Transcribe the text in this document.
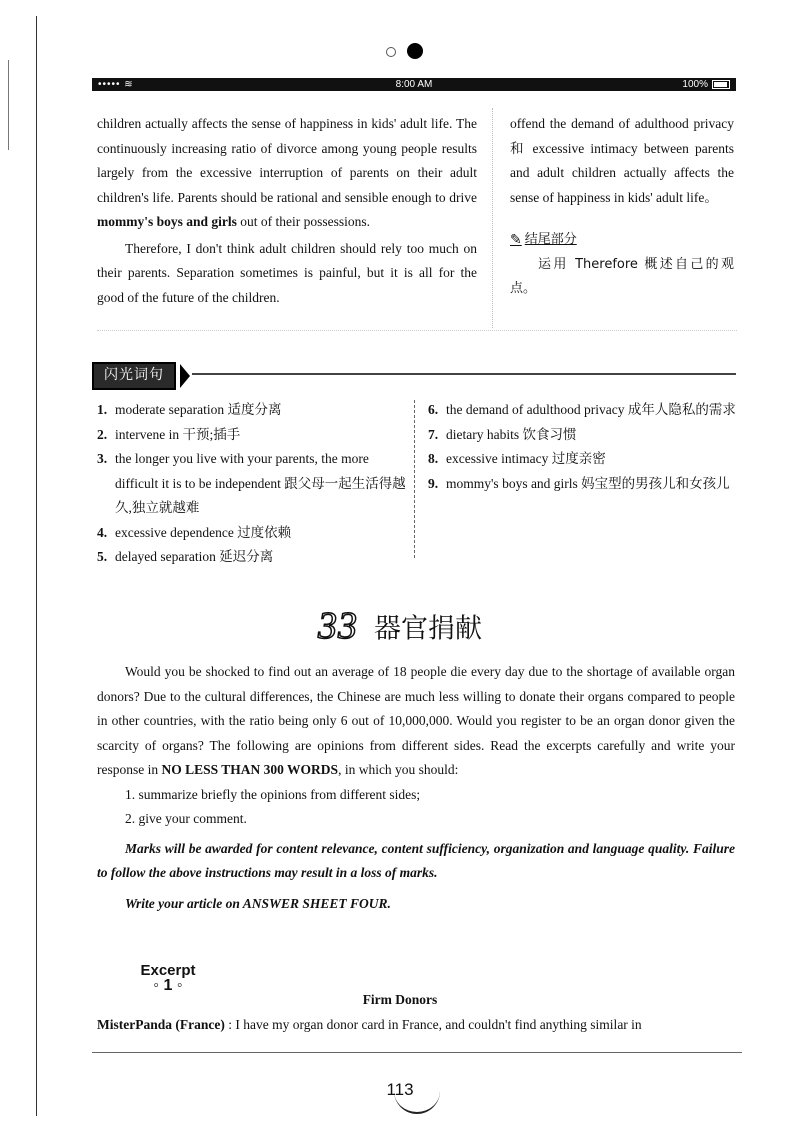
••••• ≋	8:00 AM	100%

children actually affects the sense of happiness in kids' adult life. The continuously increasing ratio of divorce among young people results largely from the excessive interruption of parents on their adult children's life. Parents should be rational and sensible enough to drive mommy's boys and girls out of their possessions.

Therefore, I don't think adult children should rely too much on their parents. Separation sometimes is painful, but it is all for the good of the future of the children.

offend the demand of adulthood privacy 和 excessive intimacy between parents and adult children actually affects the sense of happiness in kids' adult life。

✎ 结尾部分

运用 Therefore 概述自己的观点。

闪光词句
1. moderate separation 适度分离
2. intervene in 干预;插手
3. the longer you live with your parents, the more difficult it is to be independent 跟父母一起生活得越久,独立就越难
4. excessive dependence 过度依赖
5. delayed separation 延迟分离
6. the demand of adulthood privacy 成年人隐私的需求
7. dietary habits 饮食习惯
8. excessive intimacy 过度亲密
9. mommy's boys and girls 妈宝型的男孩儿和女孩儿
33 器官捐献

Would you be shocked to find out an average of 18 people die every day due to the shortage of available organ donors? Due to the cultural differences, the Chinese are much less willing to donate their organs compared to people in other countries, with the ratio being only 6 out of 10,000,000. Would you register to be an organ donor given the scarcity of organs? The following are opinions from different sides. Read the excerpts carefully and write your response in NO LESS THAN 300 WORDS, in which you should:

1. summarize briefly the opinions from different sides;

2. give your comment.

Marks will be awarded for content relevance, content sufficiency, organization and language quality. Failure to follow the above instructions may result in a loss of marks.

Write your article on ANSWER SHEET FOUR.

Excerpt
◦ 1 ◦
Firm Donors
MisterPanda (France) : I have my organ donor card in France, and couldn't find anything similar in
113
